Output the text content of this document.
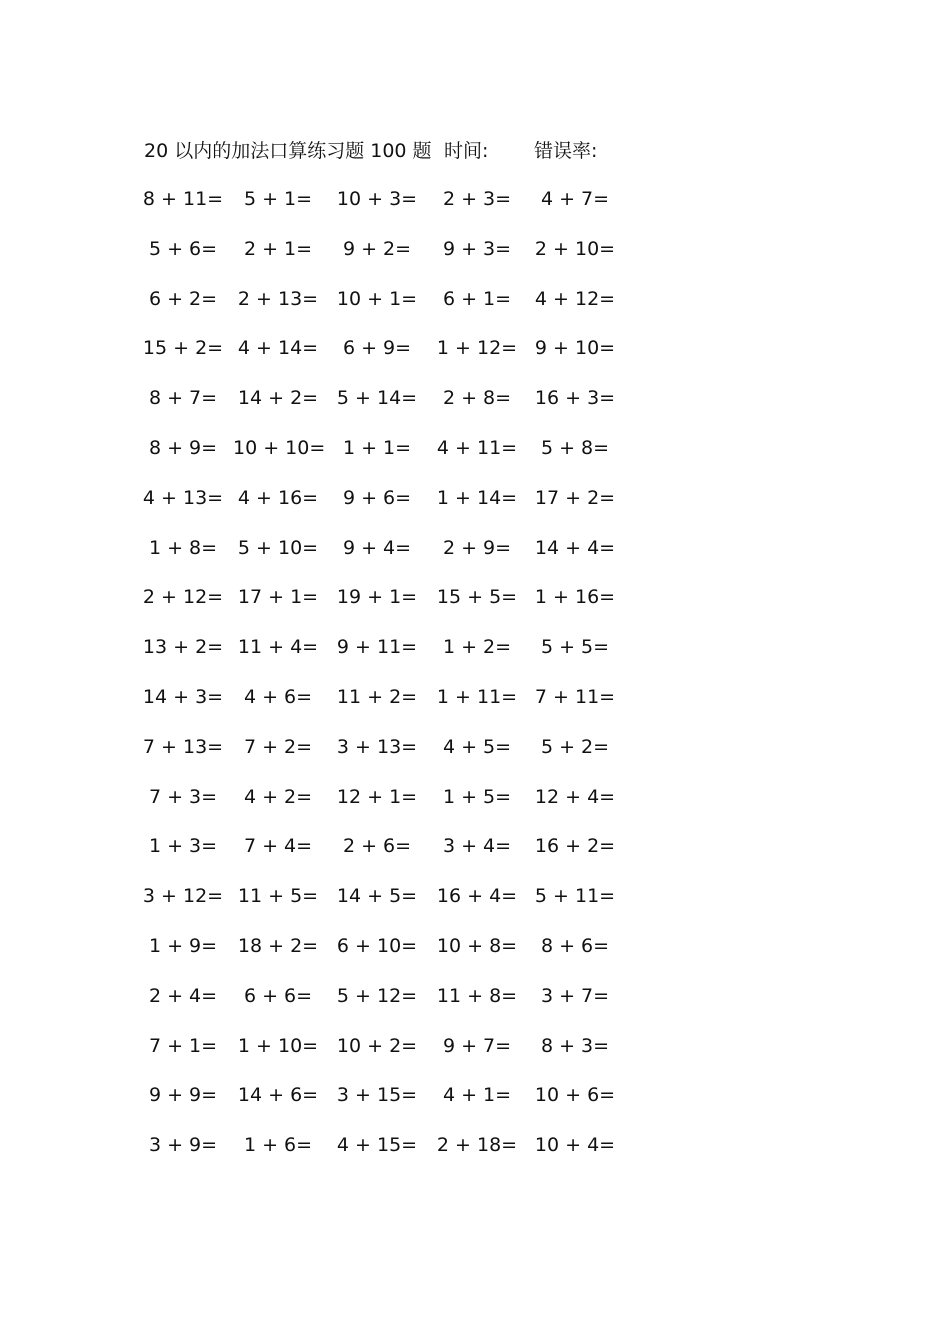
20 以内的加法口算练习题 100 题 时间: 错误率:
8 + 11=	5 + 1=	10 + 3=	2 + 3=	4 + 7=
5 + 6=	2 + 1=	9 + 2=	9 + 3=	2 + 10=
6 + 2=	2 + 13= 10 + 1=	6 + 1=	4 + 12=
15 + 2= 4 + 14=	6 + 9=	1 + 12= 9 + 10=
8 + 7=	14 + 2= 5 + 14=	2 + 8=	16 + 3=
8 + 9= 10 + 10= 1 + 1=	4 + 11=	5 + 8=
4 + 13= 4 + 16=	9 + 6=	1 + 14= 17 + 2=
1 + 8=	5 + 10=	9 + 4=	2 + 9=	14 + 4=
2 + 12= 17 + 1= 19 + 1= 15 + 5= 1 + 16=
13 + 2= 11 + 4= 9 + 11=	1 + 2=	5 + 5=
14 + 3=	4 + 6=	11 + 2= 1 + 11= 7 + 11=
7 + 13=	7 + 2=	3 + 13=	4 + 5=	5 + 2=
7 + 3=	4 + 2=	12 + 1=	1 + 5=	12 + 4=
1 + 3=	7 + 4=	2 + 6=	3 + 4=	16 + 2=
3 + 12= 11 + 5= 14 + 5= 16 + 4= 5 + 11=
1 + 9=	18 + 2= 6 + 10= 10 + 8=	8 + 6=
2 + 4=	6 + 6=	5 + 12= 11 + 8=	3 + 7=
7 + 1=	1 + 10= 10 + 2=	9 + 7=	8 + 3=
9 + 9=	14 + 6= 3 + 15=	4 + 1=	10 + 6=
3 + 9=	1 + 6=	4 + 15= 2 + 18= 10 + 4=
